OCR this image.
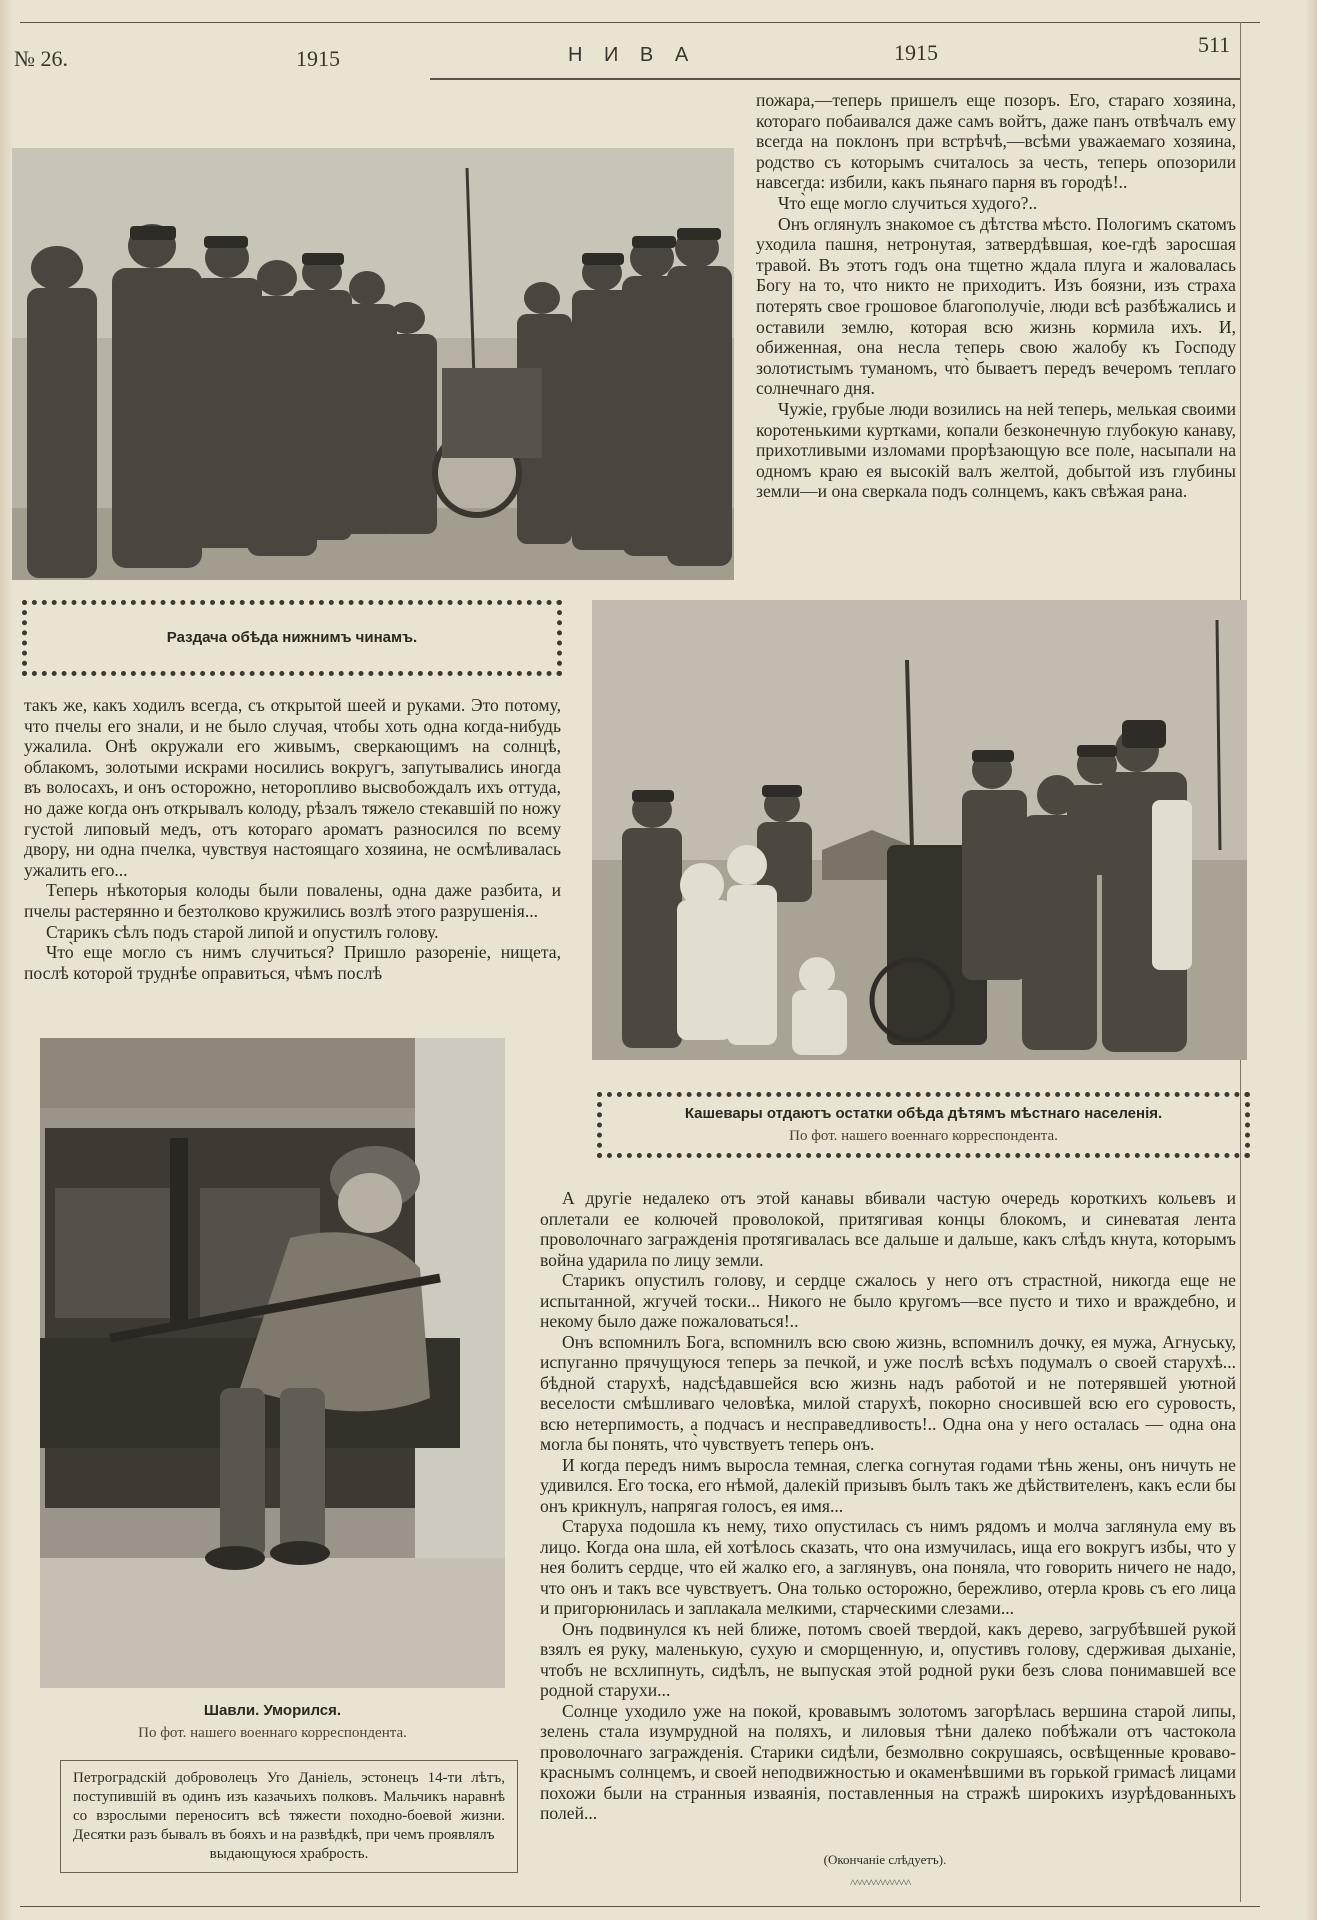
№ 26.	1915	Н И В А	1915	511

пожара,—теперь пришелъ еще позоръ. Его, стараго хозяина, котораго побаивался даже самъ войтъ, даже панъ отвѣчалъ ему всегда на поклонъ при встрѣчѣ,—всѣми уважаемаго хозяина, родство съ которымъ считалось за честь, теперь опозорили навсегда: избили, какъ пьянаго парня въ городѣ!..

Что̀ еще могло случиться худого?..

Онъ оглянулъ знакомое съ дѣтства мѣсто. Пологимъ скатомъ уходила пашня, нетронутая, затвердѣвшая, кое-гдѣ заросшая травой. Въ этотъ годъ она тщетно ждала плуга и жаловалась Богу на то, что никто не приходитъ. Изъ боязни, изъ страха потерять свое грошовое благополучіе, люди всѣ разбѣжались и оставили землю, которая всю жизнь кормила ихъ. И, обиженная, она несла теперь свою жалобу къ Господу золотистымъ туманомъ, что̀ бываетъ передъ вечеромъ теплаго солнечнаго дня.

Чужіе, грубые люди возились на ней теперь, мелькая своими коротенькими куртками, копали безконечную глубокую канаву, прихотливыми изломами прорѣзающую все поле, насыпали на одномъ краю ея высокій валъ желтой, добытой изъ глубины земли—и она сверкала подъ солнцемъ, какъ свѣжая рана.

Раздача обѣда нижнимъ чинамъ.

такъ же, какъ ходилъ всегда, съ открытой шеей и руками. Это потому, что пчелы его знали, и не было случая, чтобы хоть одна когда-нибудь ужалила. Онѣ окружали его живымъ, сверкающимъ на солнцѣ, облакомъ, золотыми искрами носились вокругъ, запутывались иногда въ волосахъ, и онъ осторожно, неторопливо высвобождалъ ихъ оттуда, но даже когда онъ открывалъ колоду, рѣзалъ тяжело стекавшій по ножу густой липовый медъ, отъ котораго ароматъ разносился по всему двору, ни одна пчелка, чувствуя настоящаго хозяина, не осмѣливалась ужалить его...

Теперь нѣкоторыя колоды были повалены, одна даже разбита, и пчелы растерянно и безтолково кружились возлѣ этого разрушенія...

Старикъ сѣлъ подъ старой липой и опустилъ голову.

Что̀ еще могло съ нимъ случиться? Пришло разореніе, нищета, послѣ которой труднѣе оправиться, чѣмъ послѣ

Кашевары отдаютъ остатки обѣда дѣтямъ мѣстнаго населенія.
По фот. нашего военнаго корреспондента.
Шавли. Уморился.
По фот. нашего военнаго корреспондента.
Петроградскій добровoлецъ Уго Даніель, эстонецъ 14-ти лѣтъ, поступившій въ одинъ изъ казачьихъ полковъ. Мальчикъ наравнѣ со взрослыми переноситъ всѣ тяжести походно-боевой жизни. Десятки разъ бывалъ въ бояхъ и на развѣдкѣ, при чемъ проявлялъ
выдающуюся храбрость.

А другіе недалеко отъ этой канавы вбивали частую очередь короткихъ кольевъ и оплетали ее колючей проволокой, притягивая концы блокомъ, и синеватая лента проволочнаго загражденія протягивалась все дальше и дальше, какъ слѣдъ кнута, которымъ война ударила по лицу земли.

Старикъ опустилъ голову, и сердце сжалось у него отъ страстной, никогда еще не испытанной, жгучей тоски... Никого не было кругомъ—все пусто и тихо и враждебно, и некому было даже пожаловаться!..

Онъ вспомнилъ Бога, вспомнилъ всю свою жизнь, вспомнилъ дочку, ея мужа, Агнуську, испуганно прячущуюся теперь за печкой, и уже послѣ всѣхъ подумалъ о своей старухѣ... бѣдной старухѣ, надсѣдавшейся всю жизнь надъ работой и не потерявшей уютной веселости смѣшливаго человѣка, милой старухѣ, покорно сносившей всю его суровость, всю нетерпимость, а подчасъ и несправедливость!.. Одна она у него осталась — одна она могла бы понять, что̀ чувствуетъ теперь онъ.

И когда передъ нимъ выросла темная, слегка согнутая годами тѣнь жены, онъ ничуть не удивился. Его тоска, его нѣмой, далекій призывъ былъ такъ же дѣйствителенъ, какъ если бы онъ крикнулъ, напрягая голосъ, ея имя...

Старуха подошла къ нему, тихо опустилась съ нимъ рядомъ и молча заглянула ему въ лицо. Когда она шла, ей хотѣлось сказать, что она измучилась, ища его вокругъ избы, что у нея болитъ сердце, что ей жалко его, а заглянувъ, она поняла, что говорить ничего не надо, что онъ и такъ все чувствуетъ. Она только осторожно, бережливо, отерла кровь съ его лица и пригорюнилась и заплакала мелкими, старческими слезами...

Онъ подвинулся къ ней ближе, потомъ своей твердой, какъ дерево, загрубѣвшей рукой взялъ ея руку, маленькую, сухую и сморщенную, и, опустивъ голову, сдерживая дыханіе, чтобъ не всхлипнуть, сидѣлъ, не выпуская этой родной руки безъ слова понимавшей все родной старухи...

Солнце уходило уже на покой, кровавымъ золотомъ загорѣлась вершина старой липы, зелень стала изумрудной на поляхъ, и лиловыя тѣни далеко побѣжали отъ частокола проволочнаго загражденія. Старики сидѣли, безмолвно сокрушаясь, освѣщенные кроваво-краснымъ солнцемъ, и своей неподвижностью и окаменѣвшими въ горькой гримасѣ лицами похожи были на странныя изваянія, поставленныя на стражѣ широкихъ изурѣдованныхъ полей...

(Окончаніе слѣдуетъ).
^^^^^^^^^^^^^
